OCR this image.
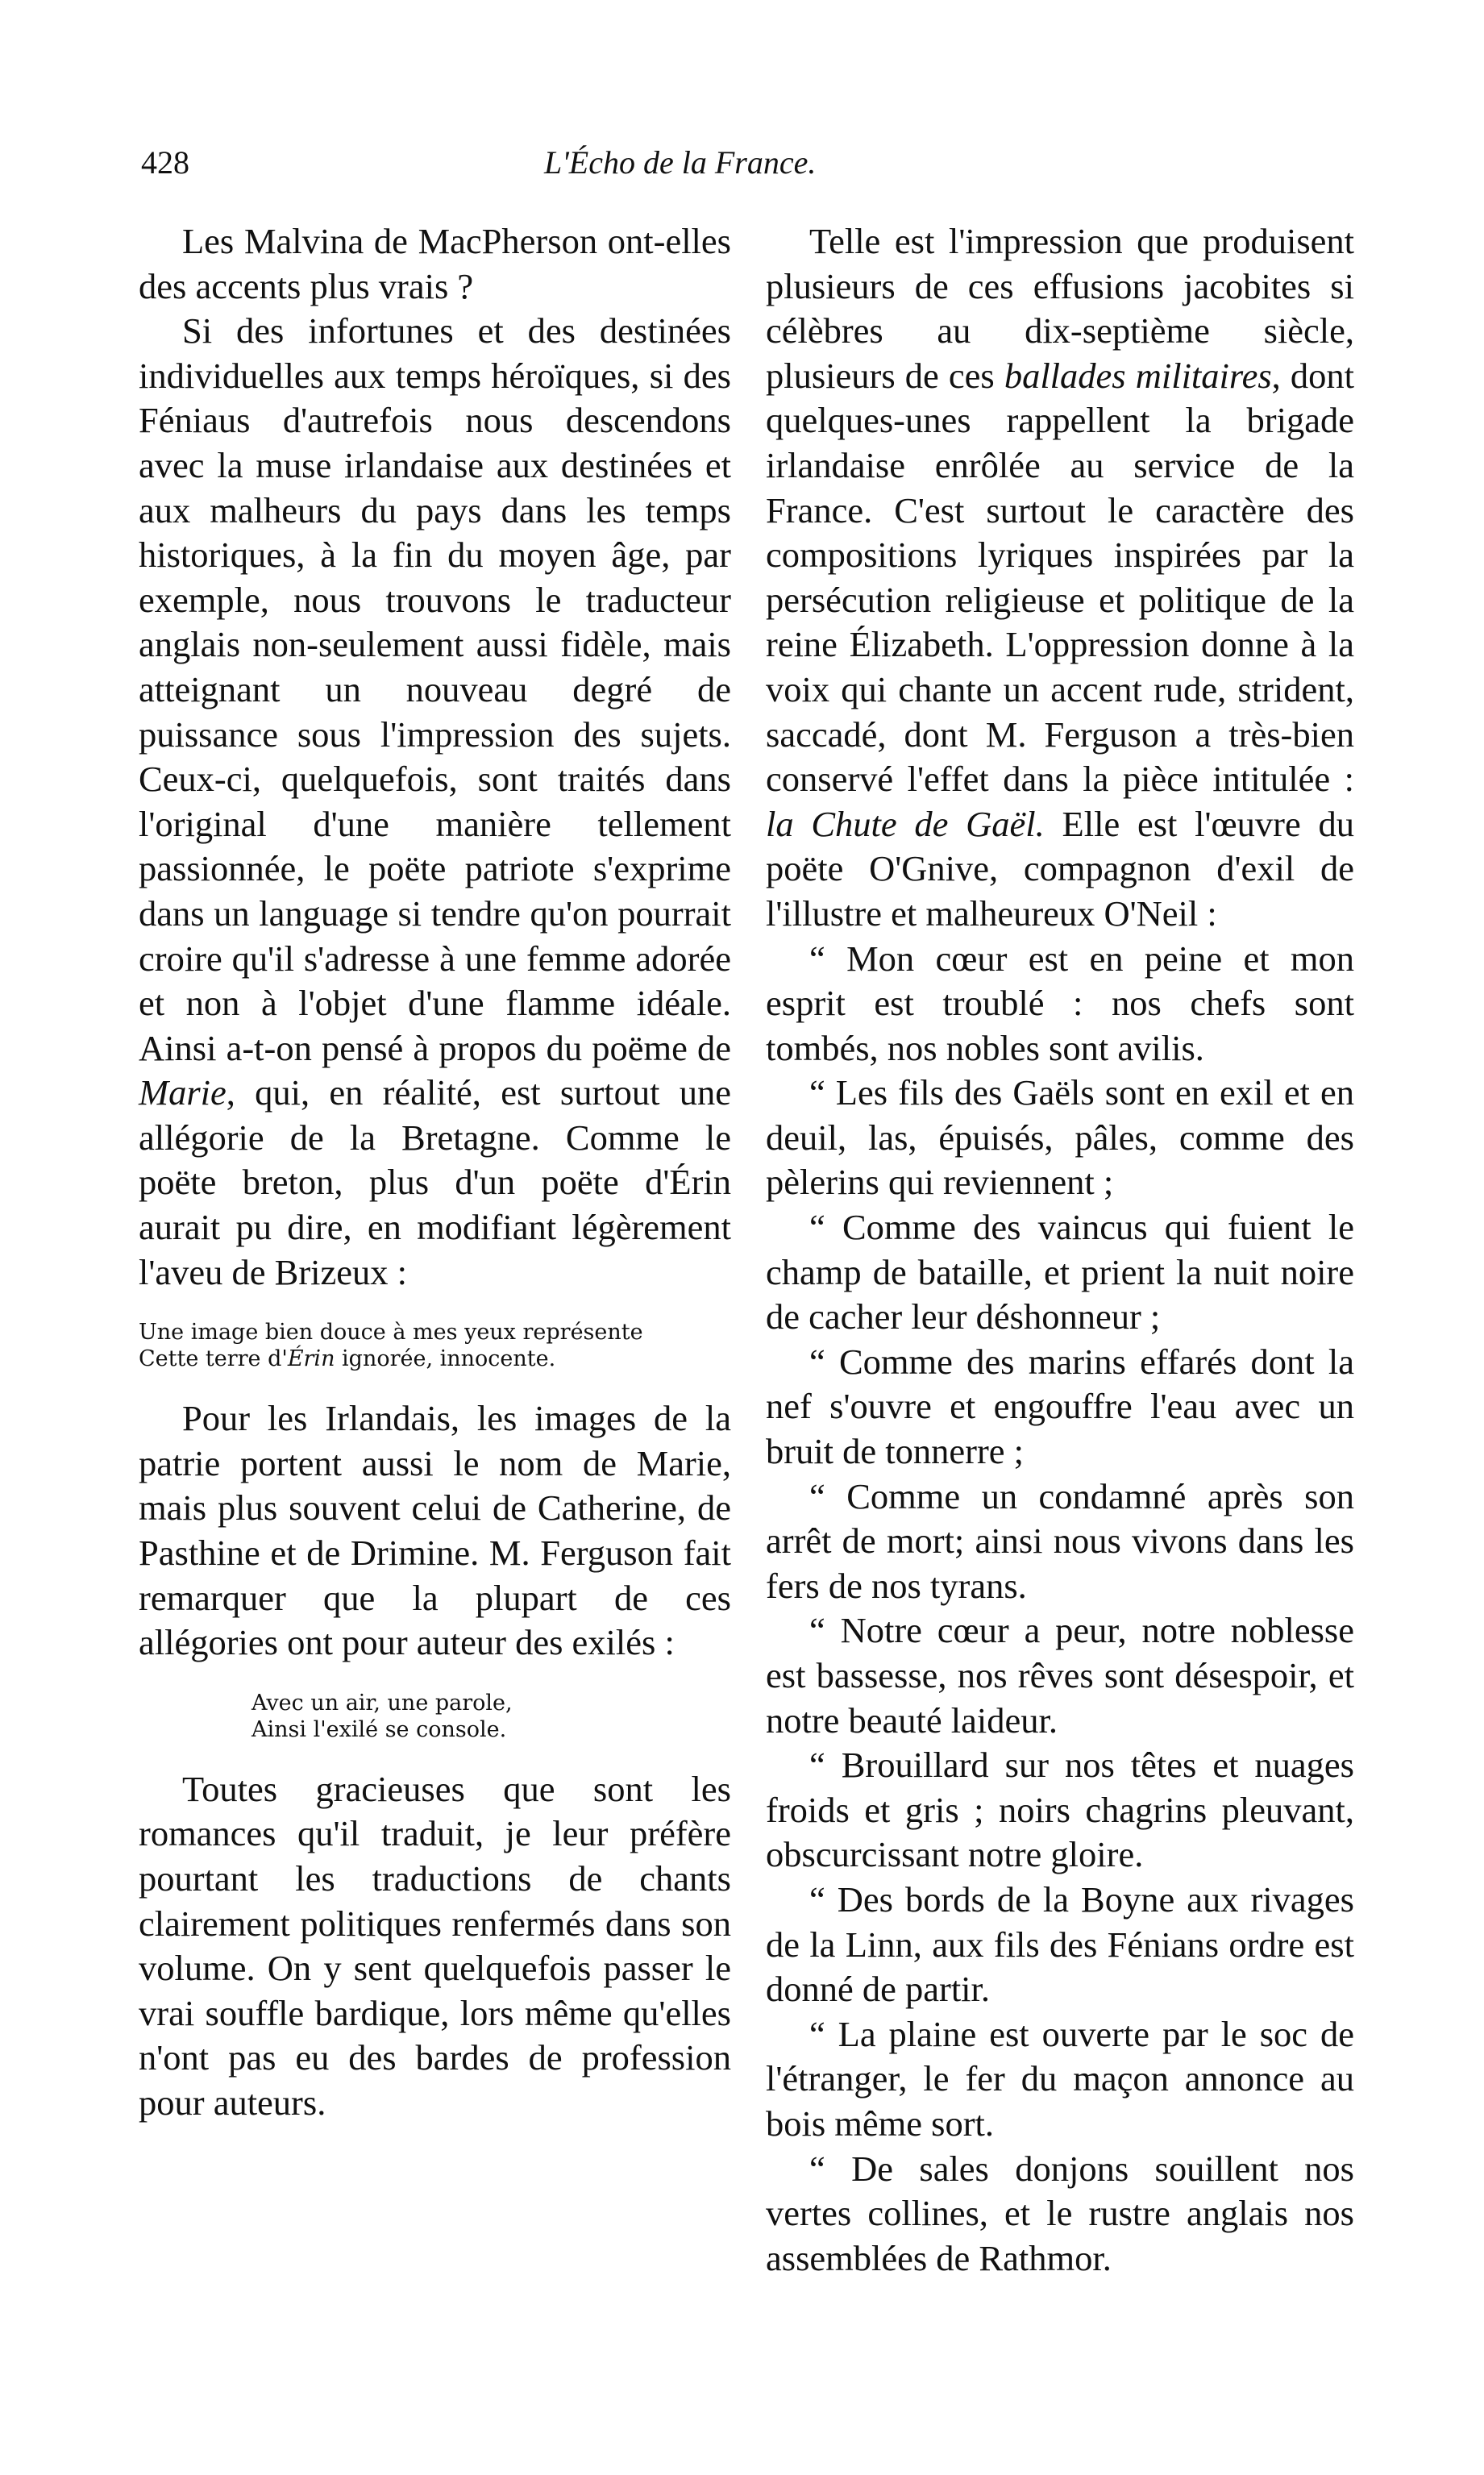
428	L'Écho de la France.

Les Malvina de MacPherson ont-elles des accents plus vrais ?

Si des infortunes et des destinées individuelles aux temps héroïques, si des Féniaus d'autrefois nous descendons avec la muse irlandaise aux destinées et aux malheurs du pays dans les temps historiques, à la fin du moyen âge, par exemple, nous trouvons le traducteur anglais non-seulement aussi fidèle, mais atteignant un nouveau degré de puissance sous l'impression des sujets. Ceux-ci, quelquefois, sont traités dans l'original d'une manière tellement passionnée, le poëte patriote s'exprime dans un language si tendre qu'on pourrait croire qu'il s'adresse à une femme adorée et non à l'objet d'une flamme idéale. Ainsi a-t-on pensé à propos du poëme de Marie, qui, en réalité, est surtout une allégorie de la Bretagne. Comme le poëte breton, plus d'un poëte d'Érin aurait pu dire, en modifiant légèrement l'aveu de Brizeux :

Une image bien douce à mes yeux représente
Cette terre d'Érin ignorée, innocente.

Pour les Irlandais, les images de la patrie portent aussi le nom de Marie, mais plus souvent celui de Catherine, de Pasthine et de Drimine. M. Ferguson fait remarquer que la plupart de ces allégories ont pour auteur des exilés :

Avec un air, une parole,
Ainsi l'exilé se console.

Toutes gracieuses que sont les romances qu'il traduit, je leur préfère pourtant les traductions de chants clairement politiques renfermés dans son volume. On y sent quelquefois passer le vrai souffle bardique, lors même qu'elles n'ont pas eu des bardes de profession pour auteurs.

Telle est l'impression que produisent plusieurs de ces effusions jacobites si célèbres au dix-septième siècle, plusieurs de ces ballades militaires, dont quelques-unes rappellent la brigade irlandaise enrôlée au service de la France. C'est surtout le caractère des compositions lyriques inspirées par la persécution religieuse et politique de la reine Élizabeth. L'oppression donne à la voix qui chante un accent rude, strident, saccadé, dont M. Ferguson a très-bien conservé l'effet dans la pièce intitulée : la Chute de Gaël. Elle est l'œuvre du poëte O'Gnive, compagnon d'exil de l'illustre et malheureux O'Neil :

“ Mon cœur est en peine et mon esprit est troublé : nos chefs sont tombés, nos nobles sont avilis.

“ Les fils des Gaëls sont en exil et en deuil, las, épuisés, pâles, comme des pèlerins qui reviennent ;

“ Comme des vaincus qui fuient le champ de bataille, et prient la nuit noire de cacher leur déshonneur ;

“ Comme des marins effarés dont la nef s'ouvre et engouffre l'eau avec un bruit de tonnerre ;

“ Comme un condamné après son arrêt de mort; ainsi nous vivons dans les fers de nos tyrans.

“ Notre cœur a peur, notre noblesse est bassesse, nos rêves sont désespoir, et notre beauté laideur.

“ Brouillard sur nos têtes et nuages froids et gris ; noirs chagrins pleuvant, obscurcissant notre gloire.

“ Des bords de la Boyne aux rivages de la Linn, aux fils des Fénians ordre est donné de partir.

“ La plaine est ouverte par le soc de l'étranger, le fer du maçon annonce au bois même sort.

“ De sales donjons souillent nos vertes collines, et le rustre anglais nos assemblées de Rathmor.
